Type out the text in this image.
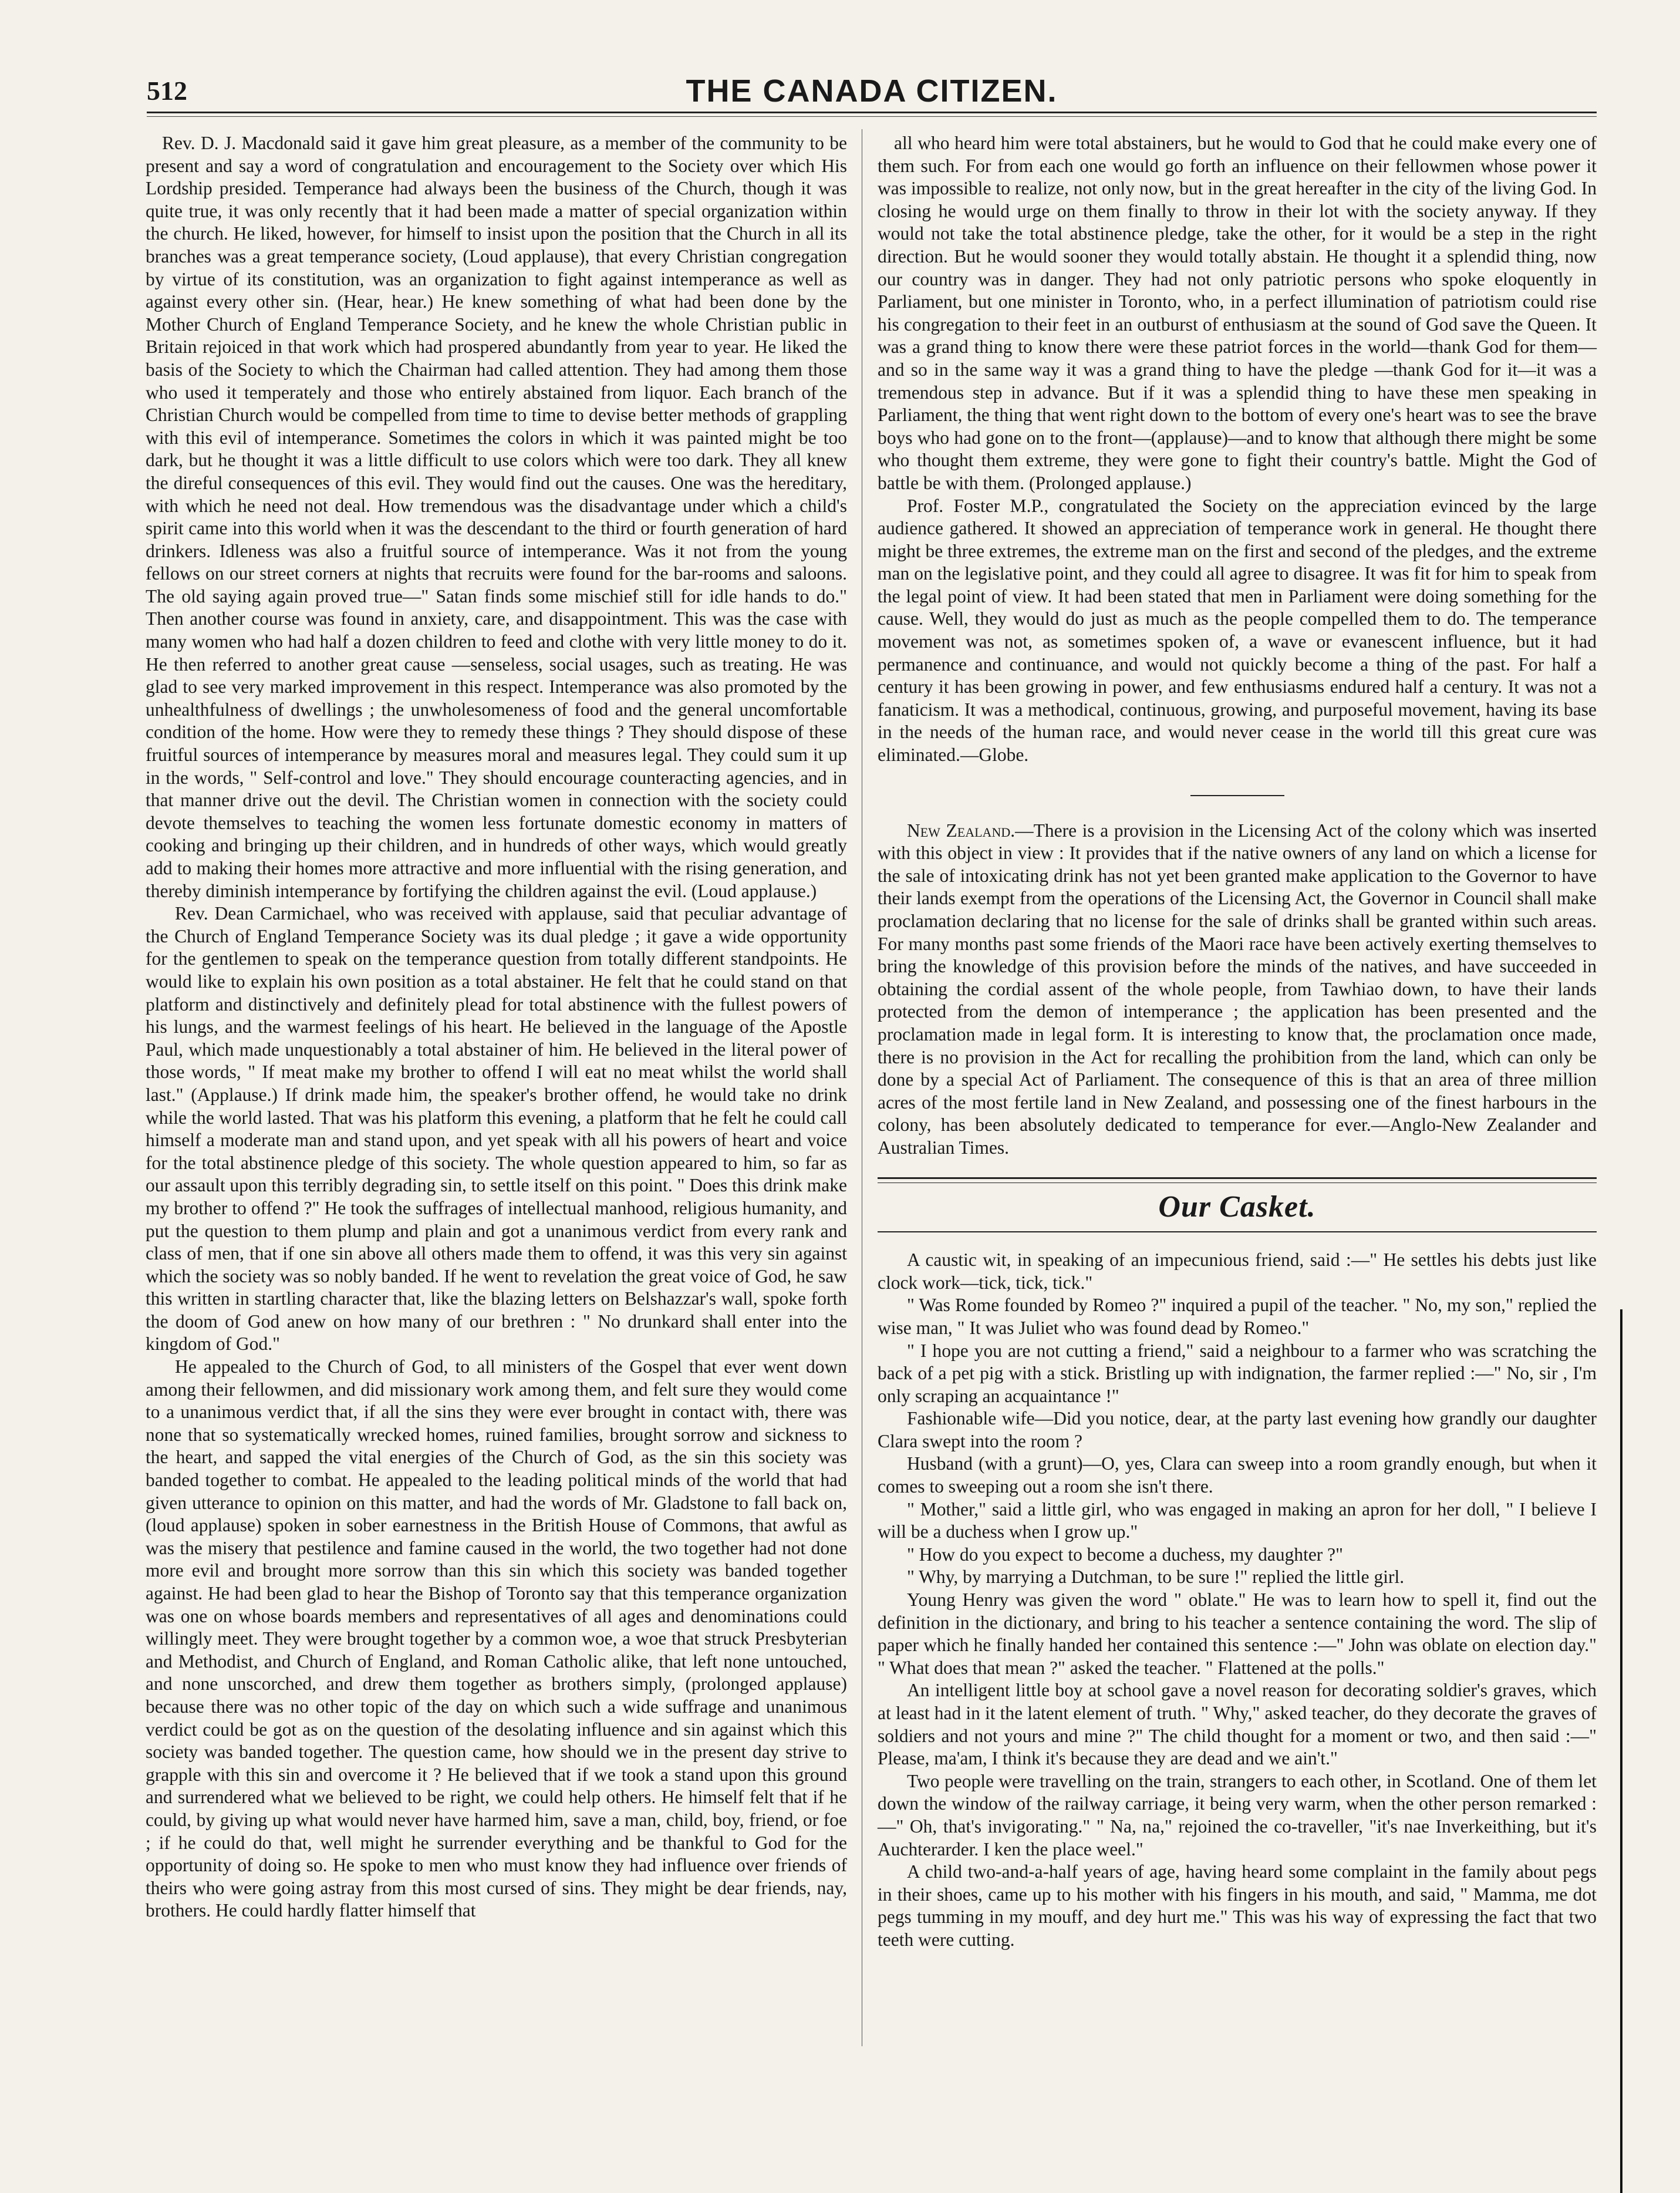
512	THE CANADA CITIZEN.

Rev. D. J. Macdonald said it gave him great pleasure, as a member of the community to be present and say a word of congratulation and encouragement to the Society over which His Lordship presided. Temperance had always been the business of the Church, though it was quite true, it was only recently that it had been made a matter of special organization within the church. He liked, however, for himself to insist upon the position that the Church in all its branches was a great temperance society, (Loud applause), that every Christian congregation by virtue of its constitution, was an organization to fight against intemperance as well as against every other sin. (Hear, hear.) He knew something of what had been done by the Mother Church of England Temperance Society, and he knew the whole Christian public in Britain rejoiced in that work which had prospered abundantly from year to year. He liked the basis of the Society to which the Chairman had called attention. They had among them those who used it temperately and those who entirely abstained from liquor. Each branch of the Christian Church would be compelled from time to time to devise better methods of grappling with this evil of intemperance. Sometimes the colors in which it was painted might be too dark, but he thought it was a little difficult to use colors which were too dark. They all knew the direful consequences of this evil. They would find out the causes. One was the hereditary, with which he need not deal. How tremendous was the disadvantage under which a child's spirit came into this world when it was the descendant to the third or fourth generation of hard drinkers. Idleness was also a fruitful source of intemperance. Was it not from the young fellows on our street corners at nights that recruits were found for the bar-rooms and saloons. The old saying again proved true—" Satan finds some mischief still for idle hands to do." Then another course was found in anxiety, care, and disappointment. This was the case with many women who had half a dozen children to feed and clothe with very little money to do it. He then referred to another great cause —senseless, social usages, such as treating. He was glad to see very marked improvement in this respect. Intemperance was also promoted by the unhealthfulness of dwellings ; the unwholesomeness of food and the general uncomfortable condition of the home. How were they to remedy these things ? They should dispose of these fruitful sources of intemperance by measures moral and measures legal. They could sum it up in the words, " Self-control and love." They should encourage counteracting agencies, and in that manner drive out the devil. The Christian women in connection with the society could devote themselves to teaching the women less fortunate domestic economy in matters of cooking and bringing up their children, and in hundreds of other ways, which would greatly add to making their homes more attractive and more influential with the rising generation, and thereby diminish intemperance by fortifying the children against the evil. (Loud applause.)

Rev. Dean Carmichael, who was received with applause, said that peculiar advantage of the Church of England Temperance Society was its dual pledge ; it gave a wide opportunity for the gentlemen to speak on the temperance question from totally different standpoints. He would like to explain his own position as a total abstainer. He felt that he could stand on that platform and distinctively and definitely plead for total abstinence with the fullest powers of his lungs, and the warmest feelings of his heart. He believed in the language of the Apostle Paul, which made unquestionably a total abstainer of him. He believed in the literal power of those words, " If meat make my brother to offend I will eat no meat whilst the world shall last." (Applause.) If drink made him, the speaker's brother offend, he would take no drink while the world lasted. That was his platform this evening, a platform that he felt he could call himself a moderate man and stand upon, and yet speak with all his powers of heart and voice for the total abstinence pledge of this society. The whole question appeared to him, so far as our assault upon this terribly degrading sin, to settle itself on this point. " Does this drink make my brother to offend ?" He took the suffrages of intellectual manhood, religious humanity, and put the question to them plump and plain and got a unanimous verdict from every rank and class of men, that if one sin above all others made them to offend, it was this very sin against which the society was so nobly banded. If he went to revelation the great voice of God, he saw this written in startling character that, like the blazing letters on Belshazzar's wall, spoke forth the doom of God anew on how many of our brethren : " No drunkard shall enter into the kingdom of God."

He appealed to the Church of God, to all ministers of the Gospel that ever went down among their fellowmen, and did missionary work among them, and felt sure they would come to a unanimous verdict that, if all the sins they were ever brought in contact with, there was none that so systematically wrecked homes, ruined families, brought sorrow and sickness to the heart, and sapped the vital energies of the Church of God, as the sin this society was banded together to combat. He appealed to the leading political minds of the world that had given utterance to opinion on this matter, and had the words of Mr. Gladstone to fall back on, (loud applause) spoken in sober earnestness in the British House of Commons, that awful as was the misery that pestilence and famine caused in the world, the two together had not done more evil and brought more sorrow than this sin which this society was banded together against. He had been glad to hear the Bishop of Toronto say that this temperance organization was one on whose boards members and representatives of all ages and denominations could willingly meet. They were brought together by a common woe, a woe that struck Presbyterian and Methodist, and Church of England, and Roman Catholic alike, that left none untouched, and none unscorched, and drew them together as brothers simply, (prolonged applause) because there was no other topic of the day on which such a wide suffrage and unanimous verdict could be got as on the question of the desolating influence and sin against which this society was banded together. The question came, how should we in the present day strive to grapple with this sin and overcome it ? He believed that if we took a stand upon this ground and surrendered what we believed to be right, we could help others. He himself felt that if he could, by giving up what would never have harmed him, save a man, child, boy, friend, or foe ; if he could do that, well might he surrender everything and be thankful to God for the opportunity of doing so. He spoke to men who must know they had influence over friends of theirs who were going astray from this most cursed of sins. They might be dear friends, nay, brothers. He could hardly flatter himself that

all who heard him were total abstainers, but he would to God that he could make every one of them such. For from each one would go forth an influence on their fellowmen whose power it was impossible to realize, not only now, but in the great hereafter in the city of the living God. In closing he would urge on them finally to throw in their lot with the society anyway. If they would not take the total abstinence pledge, take the other, for it would be a step in the right direction. But he would sooner they would totally abstain. He thought it a splendid thing, now our country was in danger. They had not only patriotic persons who spoke eloquently in Parliament, but one minister in Toronto, who, in a perfect illumination of patriotism could rise his congregation to their feet in an outburst of enthusiasm at the sound of God save the Queen. It was a grand thing to know there were these patriot forces in the world—thank God for them—and so in the same way it was a grand thing to have the pledge —thank God for it—it was a tremendous step in advance. But if it was a splendid thing to have these men speaking in Parliament, the thing that went right down to the bottom of every one's heart was to see the brave boys who had gone on to the front—(applause)—and to know that although there might be some who thought them extreme, they were gone to fight their country's battle. Might the God of battle be with them. (Prolonged applause.)

Prof. Foster M.P., congratulated the Society on the appreciation evinced by the large audience gathered. It showed an appreciation of temperance work in general. He thought there might be three extremes, the extreme man on the first and second of the pledges, and the extreme man on the legislative point, and they could all agree to disagree. It was fit for him to speak from the legal point of view. It had been stated that men in Parliament were doing something for the cause. Well, they would do just as much as the people compelled them to do. The temperance movement was not, as sometimes spoken of, a wave or evanescent influence, but it had permanence and continuance, and would not quickly become a thing of the past. For half a century it has been growing in power, and few enthusiasms endured half a century. It was not a fanaticism. It was a methodical, continuous, growing, and purposeful movement, having its base in the needs of the human race, and would never cease in the world till this great cure was eliminated.—Globe.

New Zealand.—There is a provision in the Licensing Act of the colony which was inserted with this object in view : It provides that if the native owners of any land on which a license for the sale of intoxicating drink has not yet been granted make application to the Governor to have their lands exempt from the operations of the Licensing Act, the Governor in Council shall make proclamation declaring that no license for the sale of drinks shall be granted within such areas. For many months past some friends of the Maori race have been actively exerting themselves to bring the knowledge of this provision before the minds of the natives, and have succeeded in obtaining the cordial assent of the whole people, from Tawhiao down, to have their lands protected from the demon of intemperance ; the application has been presented and the proclamation made in legal form. It is interesting to know that, the proclamation once made, there is no provision in the Act for recalling the prohibition from the land, which can only be done by a special Act of Parliament. The consequence of this is that an area of three million acres of the most fertile land in New Zealand, and possessing one of the finest harbours in the colony, has been absolutely dedicated to temperance for ever.—Anglo-New Zealander and Australian Times.

Our Casket.

A caustic wit, in speaking of an impecunious friend, said :—" He settles his debts just like clock work—tick, tick, tick."

" Was Rome founded by Romeo ?" inquired a pupil of the teacher. " No, my son," replied the wise man, " It was Juliet who was found dead by Romeo."

" I hope you are not cutting a friend," said a neighbour to a farmer who was scratching the back of a pet pig with a stick. Bristling up with indignation, the farmer replied :—" No, sir , I'm only scraping an acquaintance !"

Fashionable wife—Did you notice, dear, at the party last evening how grandly our daughter Clara swept into the room ?

Husband (with a grunt)—O, yes, Clara can sweep into a room grandly enough, but when it comes to sweeping out a room she isn't there.

" Mother," said a little girl, who was engaged in making an apron for her doll, " I believe I will be a duchess when I grow up."

" How do you expect to become a duchess, my daughter ?"

" Why, by marrying a Dutchman, to be sure !" replied the little girl.

Young Henry was given the word " oblate." He was to learn how to spell it, find out the definition in the dictionary, and bring to his teacher a sentence containing the word. The slip of paper which he finally handed her contained this sentence :—" John was oblate on election day." " What does that mean ?" asked the teacher. " Flattened at the polls."

An intelligent little boy at school gave a novel reason for decorating soldier's graves, which at least had in it the latent element of truth. " Why," asked teacher, do they decorate the graves of soldiers and not yours and mine ?" The child thought for a moment or two, and then said :—" Please, ma'am, I think it's because they are dead and we ain't."

Two people were travelling on the train, strangers to each other, in Scotland. One of them let down the window of the railway carriage, it being very warm, when the other person remarked :—" Oh, that's invigorating." " Na, na," rejoined the co-traveller, "it's nae Inverkeithing, but it's Auchterarder. I ken the place weel."

A child two-and-a-half years of age, having heard some complaint in the family about pegs in their shoes, came up to his mother with his fingers in his mouth, and said, " Mamma, me dot pegs tumming in my mouff, and dey hurt me." This was his way of expressing the fact that two teeth were cutting.
